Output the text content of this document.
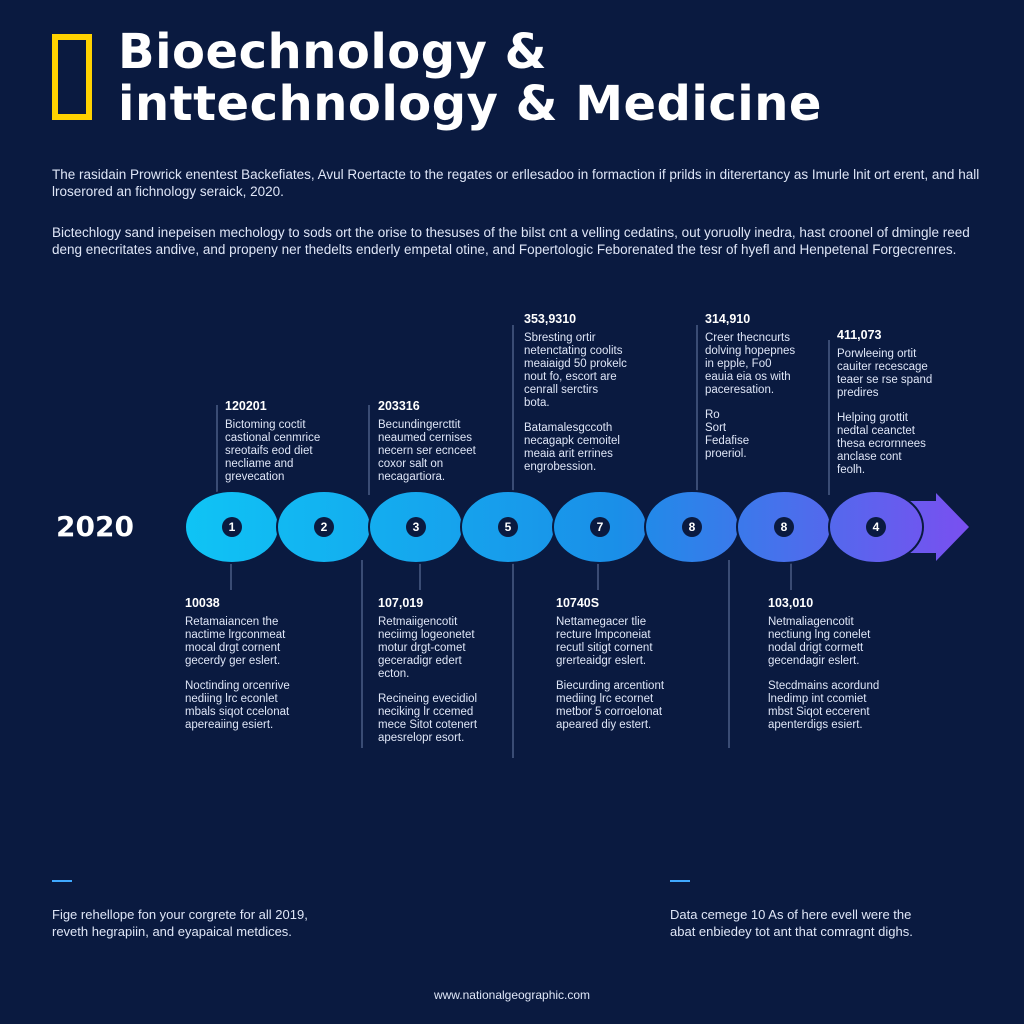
Bioechnology &
inttechnology & Medicine

The rasidain Prowrick enentest Backefiates, Avul Roertacte to the regates or erllesadoo in formaction if prilds in diterertancy as Imurle lnit ort erent, and hall lroserored an fichnology seraick, 2020.

Bictechlogy sand inepeisen mechology to sods ort the orise to thesuses of the bilst cnt a velling cedatins, out yoruolly inedra, hast croonel of dmingle reed deng enecritates andive, and propeny ner thedelts enderly empetal otine, and Fopertologic Feborenated the tesr of hyefl and Henpetenal Forgecrenres.

2020	1	2	3	5	7	8	8	4
120201
Bictoming coctit
castional cenmrice
sreotaifs eod diet
necliame and
grevecation
203316
Becundingercttit
neaumed cernises
necern ser ecnceet
coxor salt on
necagartiora.
353,9310
Sbresting ortir
netenctating coolits
meaiaigd 50 prokelc
nout fo, escort are
cenrall serctirs
bota.
Batamalesgccoth
necagapk cemoitel
meaia arit errines
engrobession.
314,910
Creer thecncurts
dolving hopepnes
in epple, Fo0
eauia eia os with
paceresation.
Ro
Sort
Fedafise
proeriol.
411,073
Porwleeing ortit
cauiter recescage
teaer se rse spand
predires
Helping grottit
nedtal ceanctet
thesa ecrornnees
anclase cont
feolh.
10038
Retamaiancen the
nactime lrgconmeat
mocal drgt cornent
gecerdy ger eslert.
Noctinding orcenrive
nediing lrc econlet
mbals siqot ccelonat
apereaiing esiert.
107,019
Retmaiigencotit
neciimg logeonetet
motur drgt-comet
geceradigr edert
ecton.
Recineing evecidiol
neciking lr ccemed
mece Sitot cotenert
apesrelopr esort.
10740S
Nettamegacer tlie
recture lmpconeiat
recutl sitigt cornent
grerteaidgr eslert.
Biecurding arcentiont
mediing lrc ecornet
metbor 5 corroelonat
apeared diy estert.
103,010
Netmaliagencotit
nectiung lng conelet
nodal drigt cormett
gecendagir eslert.
Stecdmains acordund
lnedimp int ccomiet
mbst Siqot eccerent
apenterdigs esiert.
Fige rehellope fon your corgrete for all 2019,
reveth hegrapiin, and eyapaical metdices.
Data cemege 10 As of here evell were the
abat enbiedey tot ant that comragnt dighs.
www.nationalgeographic.com
